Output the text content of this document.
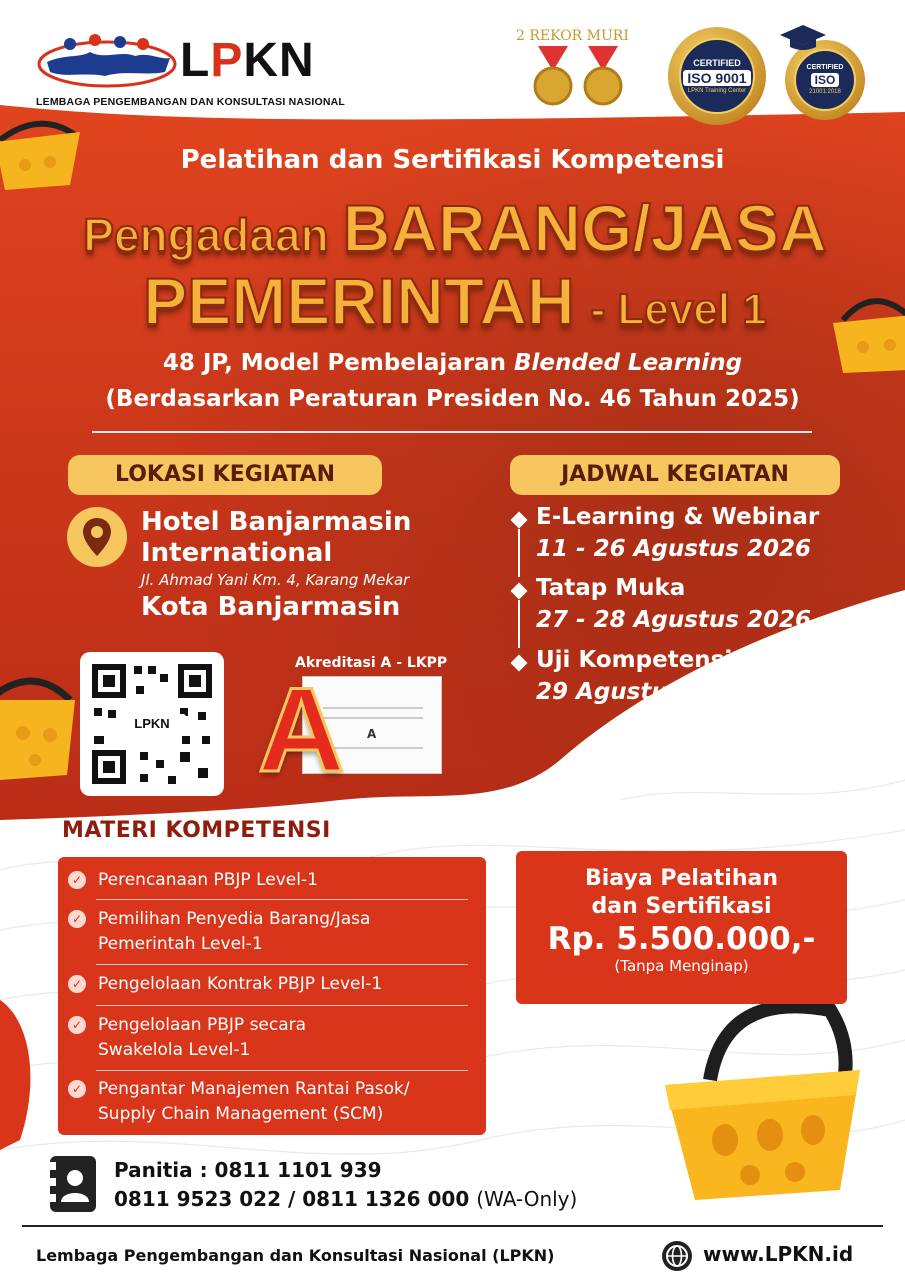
LPKN
LEMBAGA PENGEMBANGAN DAN KONSULTASI NASIONAL
2 REKOR MURI
CERTIFIED
ISO 9001
LPKN Training Center
CERTIFIED
ISO
21001:2018
Pelatihan dan Sertifikasi Kompetensi
Pengadaan BARANG/JASA
PEMERINTAH - Level 1
48 JP, Model Pembelajaran Blended Learning
(Berdasarkan Peraturan Presiden No. 46 Tahun 2025)
LOKASI KEGIATAN
Hotel Banjarmasin
International
Jl. Ahmad Yani Km. 4, Karang Mekar
Kota Banjarmasin
LPKN
Akreditasi A - LKPP
A
A
JADWAL KEGIATAN
E-Learning & Webinar
11 - 26 Agustus 2026
Tatap Muka
27 - 28 Agustus 2026
Uji Kompetensi
29 Agustus 2026
MATERI KOMPETENSI
✓ Perencanaan PBJP Level-1
✓ Pemilihan Penyedia Barang/Jasa
Pemerintah Level-1
✓ Pengelolaan Kontrak PBJP Level-1
✓ Pengelolaan PBJP secara
Swakelola Level-1
✓ Pengantar Manajemen Rantai Pasok/
Supply Chain Management (SCM)
Biaya Pelatihan
dan Sertifikasi
Rp. 5.500.000,-
(Tanpa Menginap)
Panitia : 0811 1101 939
0811 9523 022 / 0811 1326 000 (WA-Only)
Lembaga Pengembangan dan Konsultasi Nasional (LPKN)	www.LPKN.id
